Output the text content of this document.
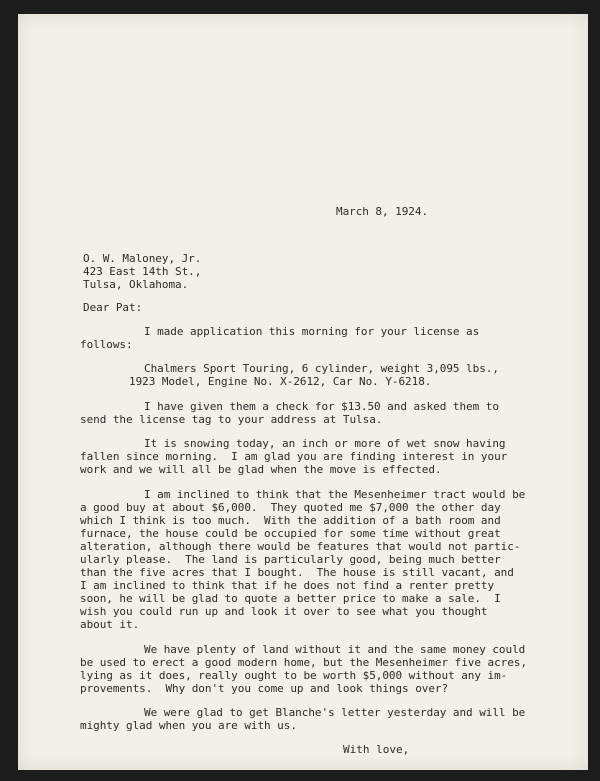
March 8, 1924.
O. W. Maloney, Jr.
423 East 14th St.,
Tulsa, Oklahoma.
Dear Pat:
I made application this morning for your license as
follows:
Chalmers Sport Touring, 6 cylinder, weight 3,095 lbs.,
1923 Model, Engine No. X-2612, Car No. Y-6218.
I have given them a check for $13.50 and asked them to
send the license tag to your address at Tulsa.
It is snowing today, an inch or more of wet snow having
fallen since morning.  I am glad you are finding interest in your
work and we will all be glad when the move is effected.
I am inclined to think that the Mesenheimer tract would be
a good buy at about $6,000.  They quoted me $7,000 the other day
which I think is too much.  With the addition of a bath room and
furnace, the house could be occupied for some time without great
alteration, although there would be features that would not partic-
ularly please.  The land is particularly good, being much better
than the five acres that I bought.  The house is still vacant, and
I am inclined to think that if he does not find a renter pretty
soon, he will be glad to quote a better price to make a sale.  I
wish you could run up and look it over to see what you thought
about it.
We have plenty of land without it and the same money could
be used to erect a good modern home, but the Mesenheimer five acres,
lying as it does, really ought to be worth $5,000 without any im-
provements.  Why don't you come up and look things over?
We were glad to get Blanche's letter yesterday and will be
mighty glad when you are with us.
With love,
